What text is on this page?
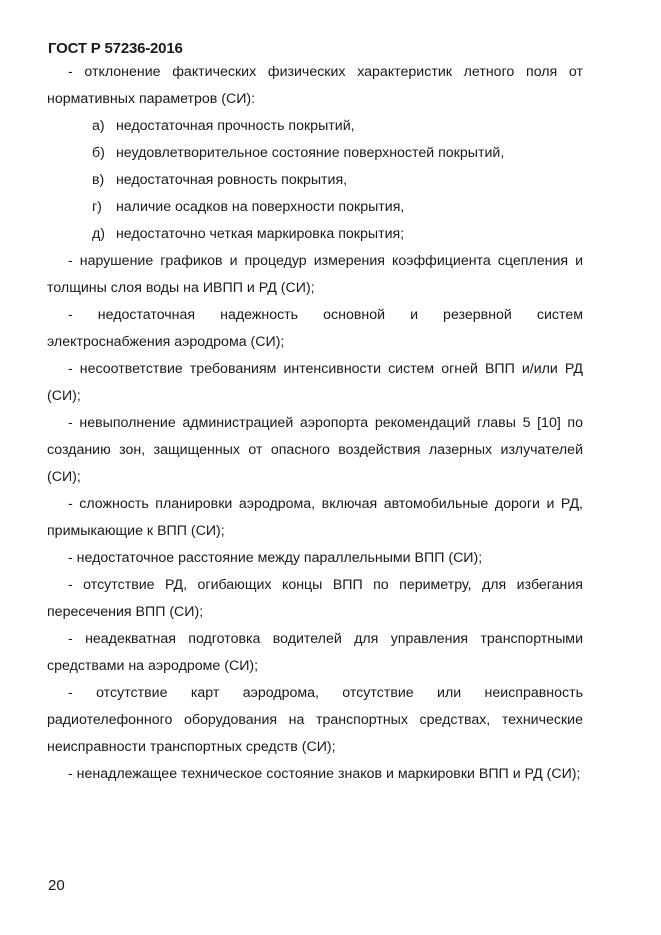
ГОСТ Р 57236-2016

- отклонение фактических физических характеристик летного поля от нормативных параметров (СИ):

а) недостаточная прочность покрытий,

б) неудовлетворительное состояние поверхностей покрытий,

в) недостаточная ровность покрытия,

г) наличие осадков на поверхности покрытия,

д) недостаточно четкая маркировка покрытия;

- нарушение графиков и процедур измерения коэффициента сцепления и толщины слоя воды на ИВПП и РД (СИ);

- недостаточная надежность основной и резервной систем электроснабжения аэродрома (СИ);

- несоответствие требованиям интенсивности систем огней ВПП и/или РД (СИ);

- невыполнение администрацией аэропорта рекомендаций главы 5 [10] по созданию зон, защищенных от опасного воздействия лазерных излучателей (СИ);

- сложность планировки аэродрома, включая автомобильные дороги и РД, примыкающие к ВПП (СИ);

- недостаточное расстояние между параллельными ВПП (СИ);

- отсутствие РД, огибающих концы ВПП по периметру, для избегания пересечения ВПП (СИ);

- неадекватная подготовка водителей для управления транспортными средствами на аэродроме (СИ);

- отсутствие карт аэродрома, отсутствие или неисправность радиотелефонного оборудования на транспортных средствах, технические неисправности транспортных средств (СИ);

- ненадлежащее техническое состояние знаков и маркировки ВПП и РД (СИ);

20
